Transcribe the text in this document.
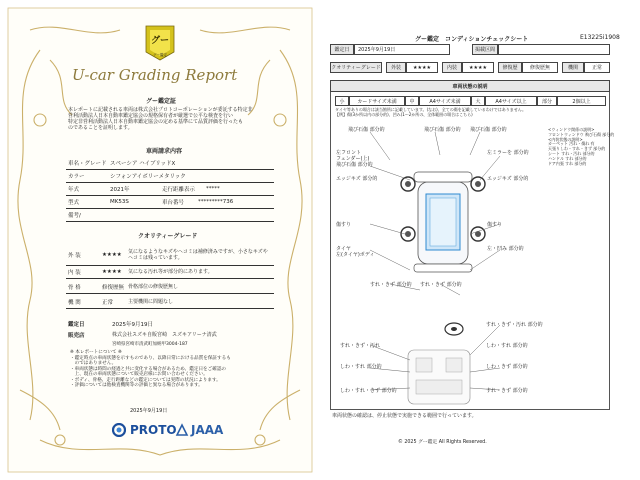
グー
グー鑑定
U-car Grading Report
グー鑑定証
本レポートに記載される車両は株式会社プロトコーポレーションが委託する特定非
営利活動法人日本自動車鑑定協会の規格保有者が厳選で公平な検査を行い
特定非営利活動法人日本自動車鑑定協会の定める基準にて品質評価を行ったも
のであることを証明します。
車両請求内容
車名・グレード スペーシア ハイブリッドX
カラー	シフォンアイボリーメタリック
年式	2021年	走行距離表示	*****
型式	MK53S	車台番号	*********736
備考/
クオリティーグレード
外 装	★★★★	気になるようなキズやヘコミは補修済みですが、小さなキズや
ヘコミは残っています。
内 装	★★★★	気になる汚れ等が部分的にあります。
骨 格	修復歴無 骨格部位の修復歴無し
機 関	正常	主要機関に問題なし
鑑定日	2025年9月19日
販売店	株式会社スズキ自販宮崎　スズキアリーナ清武
宮崎県宮崎市清武町加納甲3004-187
※ 本レポートについて ※
・鑑定時点の車両状態を示すものであり、以降日常における品質を保証するも
　のではありません。
・車両状態は時間の経過と共に変化する場合があるため、鑑定日をご確認の
　上、現在の車両状態について販売店様にお問い合わせください。
・ボディ、骨格、走行距離などの鑑定については実際の状況によります。
・評価については他検査機関等の評価と異なる場合があります。
2025年9月19日
PROTO JAAA
グー鑑定　コンディションチェックシート	E13225i1908
鑑定日	2025年9月19日	掲載区間
クオリティーグレード	外装	★★★★	内装	★★★★	修復歴	修復歴無	機関	正常
車両状態の説明
小	カードサイズ未満	中	A4サイズ未満	大	A4サイズ以上	部分	2個以上
タイヤ等ありの場合は該当箇所に記載しています。(なお)、全ての傷を記載しているわけではありません。
【例】傷(3か所以内の部分的)、凹み(1〜2か所の、全体範囲の場合はこちら)
飛び石傷 部分的	飛び石傷 部分的 飛び石傷 部分的
左フロント
フェンダー(上)
飛び石傷 部分的
左ミラーを 部分的
エッジキズ 部分的	エッジキズ 部分的
傷すり	傷すり
タイヤ
左(タイヤ)ボディ
左・凹み 部分的
すれ・きず 部分的 すれ・きず 部分的
<ウィンドウ関係の説明>
フロントウィンドウ 飛び石傷 部分的
<内装状態の説明>
カーペット 汚れ・傷れ 有
天張りしわ・すれ・きず 部分的
シート すれ・汚れ 部分的
ハンドル すれ 部分的
ドア内張 すれ 部分的
すれ・きず・汚れ 部分的
すれ・きず・汚れ	しわ・すれ 部分的
しわ・すれ 部分的	しわ・きず 部分的
しわ・すれ・きず 部分的	すれ・きず 部分的
車両状態の確認は、停止状態で実施できる範囲で行っています。
© 2025 グー鑑定 All Rights Reserved.
